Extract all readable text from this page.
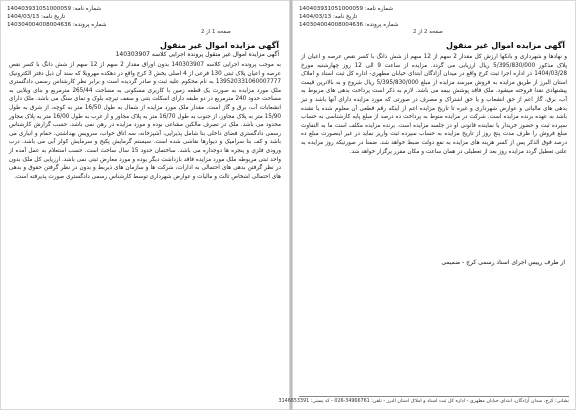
شماره نامه: 140403931051000059
تاریخ نامه: 1404/03/13
شماره پرونده: 140304004008004636
صفحه 1 از 2
آگهی مزایده اموال غیر منقول
آگهی مزایده اموال غیر منقول پرونده اجرایی کلاسه 140303907
به موجب پرونده اجرایی کلاسه 140303907 بدون اوراق مقدار 2 سهم از 12 سهم از شش دانگ با کسر نقص عرصه و اعیان پلاک ثبتی 130 فرعی از 4 اصلی بخش 3 کرج واقع در دهکده مهرویلا که سند آن ذیل دفتر الکترونیک 139520331060007777 به نام محکوم علیه ثبت و صادر گردیده است و برابر نظر کارشناس رسمی دادگستری ملک مورد مزایده به صورت یک قطعه زمین با کاربری مسکونی به مساحت 265/44 مترمربع و بنای ویلایی به مساحت حدود 240 مترمربع در دو طبقه دارای اسکلت بتنی و سقف تیرچه بلوک و نمای سنگ می باشد. ملک دارای انشعابات آب، برق و گاز است. مقدار ملک مورد مزایده از شمال به طول 16/50 متر به کوچه، از شرق به طول 15/90 متر به پلاک مجاور، از جنوب به طول 16/70 متر به پلاک مجاور و از غرب به طول 16/00 متر به پلاک مجاور محدود می باشد. ملک در تصرف مالکین مشاعی بوده و مورد مزایده در رهن نمی باشد. حسب گزارش کارشناس رسمی دادگستری فضای داخلی بنا شامل پذیرایی، آشپزخانه، سه اتاق خواب، سرویس بهداشتی، حمام و انباری می باشد و کف بنا سرامیک و دیوارها نقاشی شده است. سیستم گرمایش پکیج و سرمایش کولر آبی می باشد. درب ورودی فلزی و پنجره ها دوجداره می باشد. ساختمان حدود 15 سال ساخت است. حسب استعلام به عمل آمده از واحد ثبتی مربوطه ملک مورد مزایده فاقد بازداشت دیگر بوده و مورد معارض ثبتی نمی باشد. ارزیابی کل ملک بدون در نظر گرفتن بدهی های احتمالی به ادارات، شرکت ها و سازمان های ذیربط و بدون در نظر گرفتن حقوق و بدهی های احتمالی اشخاص ثالث و مالیات و عوارض شهرداری توسط کارشناس رسمی دادگستری صورت پذیرفته است.
شماره نامه: 140403931051000059
تاریخ نامه: 1404/03/13
شماره پرونده: 140304004008004636
صفحه 2 از 2
آگهی مزایده اموال غیر منقول
و نهادها و شهرداری و بانکها ارزش کل مقدار 2 سهم از 12 سهم از شش دانگ با کسر نقص عرصه و اعیان از پلاک مذکور 5/395/830/000 ریال ارزیابی می گردد. مزایده از ساعت 9 الی 12 روز چهارشنبه مورخ 1404/03/28 در اداره اجرا ثبت کرج واقع در میدان آزادگان ابتدای خیابان مطهری- اداره کل ثبت اسناد و املاک استان البرز از طریق مزایده به فروش میرسد مزایده از مبلغ 5/395/830/000 ریال شروع و به بالاترین قیمت پیشنهادی نقدا فروخته میشود. ملک فاقد پوشش بیمه می باشد. لازم به ذکر است پرداخت بدهی های مربوط به آب، برق، گاز اعم از حق انشعاب و یا حق اشتراک و مصرف در صورتی که مورد مزایده دارای آنها باشد و نیز بدهی های مالیاتی و عوارض شهرداری و غیره تا تاریخ مزایده اعم از اینکه رقم قطعی آن معلوم شده یا نشده باشد به عهده برنده مزایده است. شرکت در مزایده منوط به پرداخت ده درصد از مبلغ پایه کارشناسی به حساب سپرده ثبت و حضور خریدار یا نماینده قانونی او در جلسه مزایده است. برنده مزایده مکلف است ما به التفاوت مبلغ فروش را ظرف مدت پنج روز از تاریخ مزایده به حساب سپرده ثبت واریز نماید در غیر اینصورت مبلغ ده درصد فوق الذکر پس از کسر هزینه های مزایده به نفع دولت ضبط خواهد شد. ضمنا در صورتیکه روز مزایده به علتی تعطیل گردد مزایده روز بعد از تعطیلی در همان ساعت و مکان مقرر برگزار خواهد شد.
از طرف رییس اجرای اسناد رسمی کرج - ضمیمی
نشانی: کرج، میدان آزادگان، ابتدای خیابان مطهری - اداره کل ثبت اسناد و املاک استان البرز - تلفن: 34966761-026 - کد پستی: 3146653391
